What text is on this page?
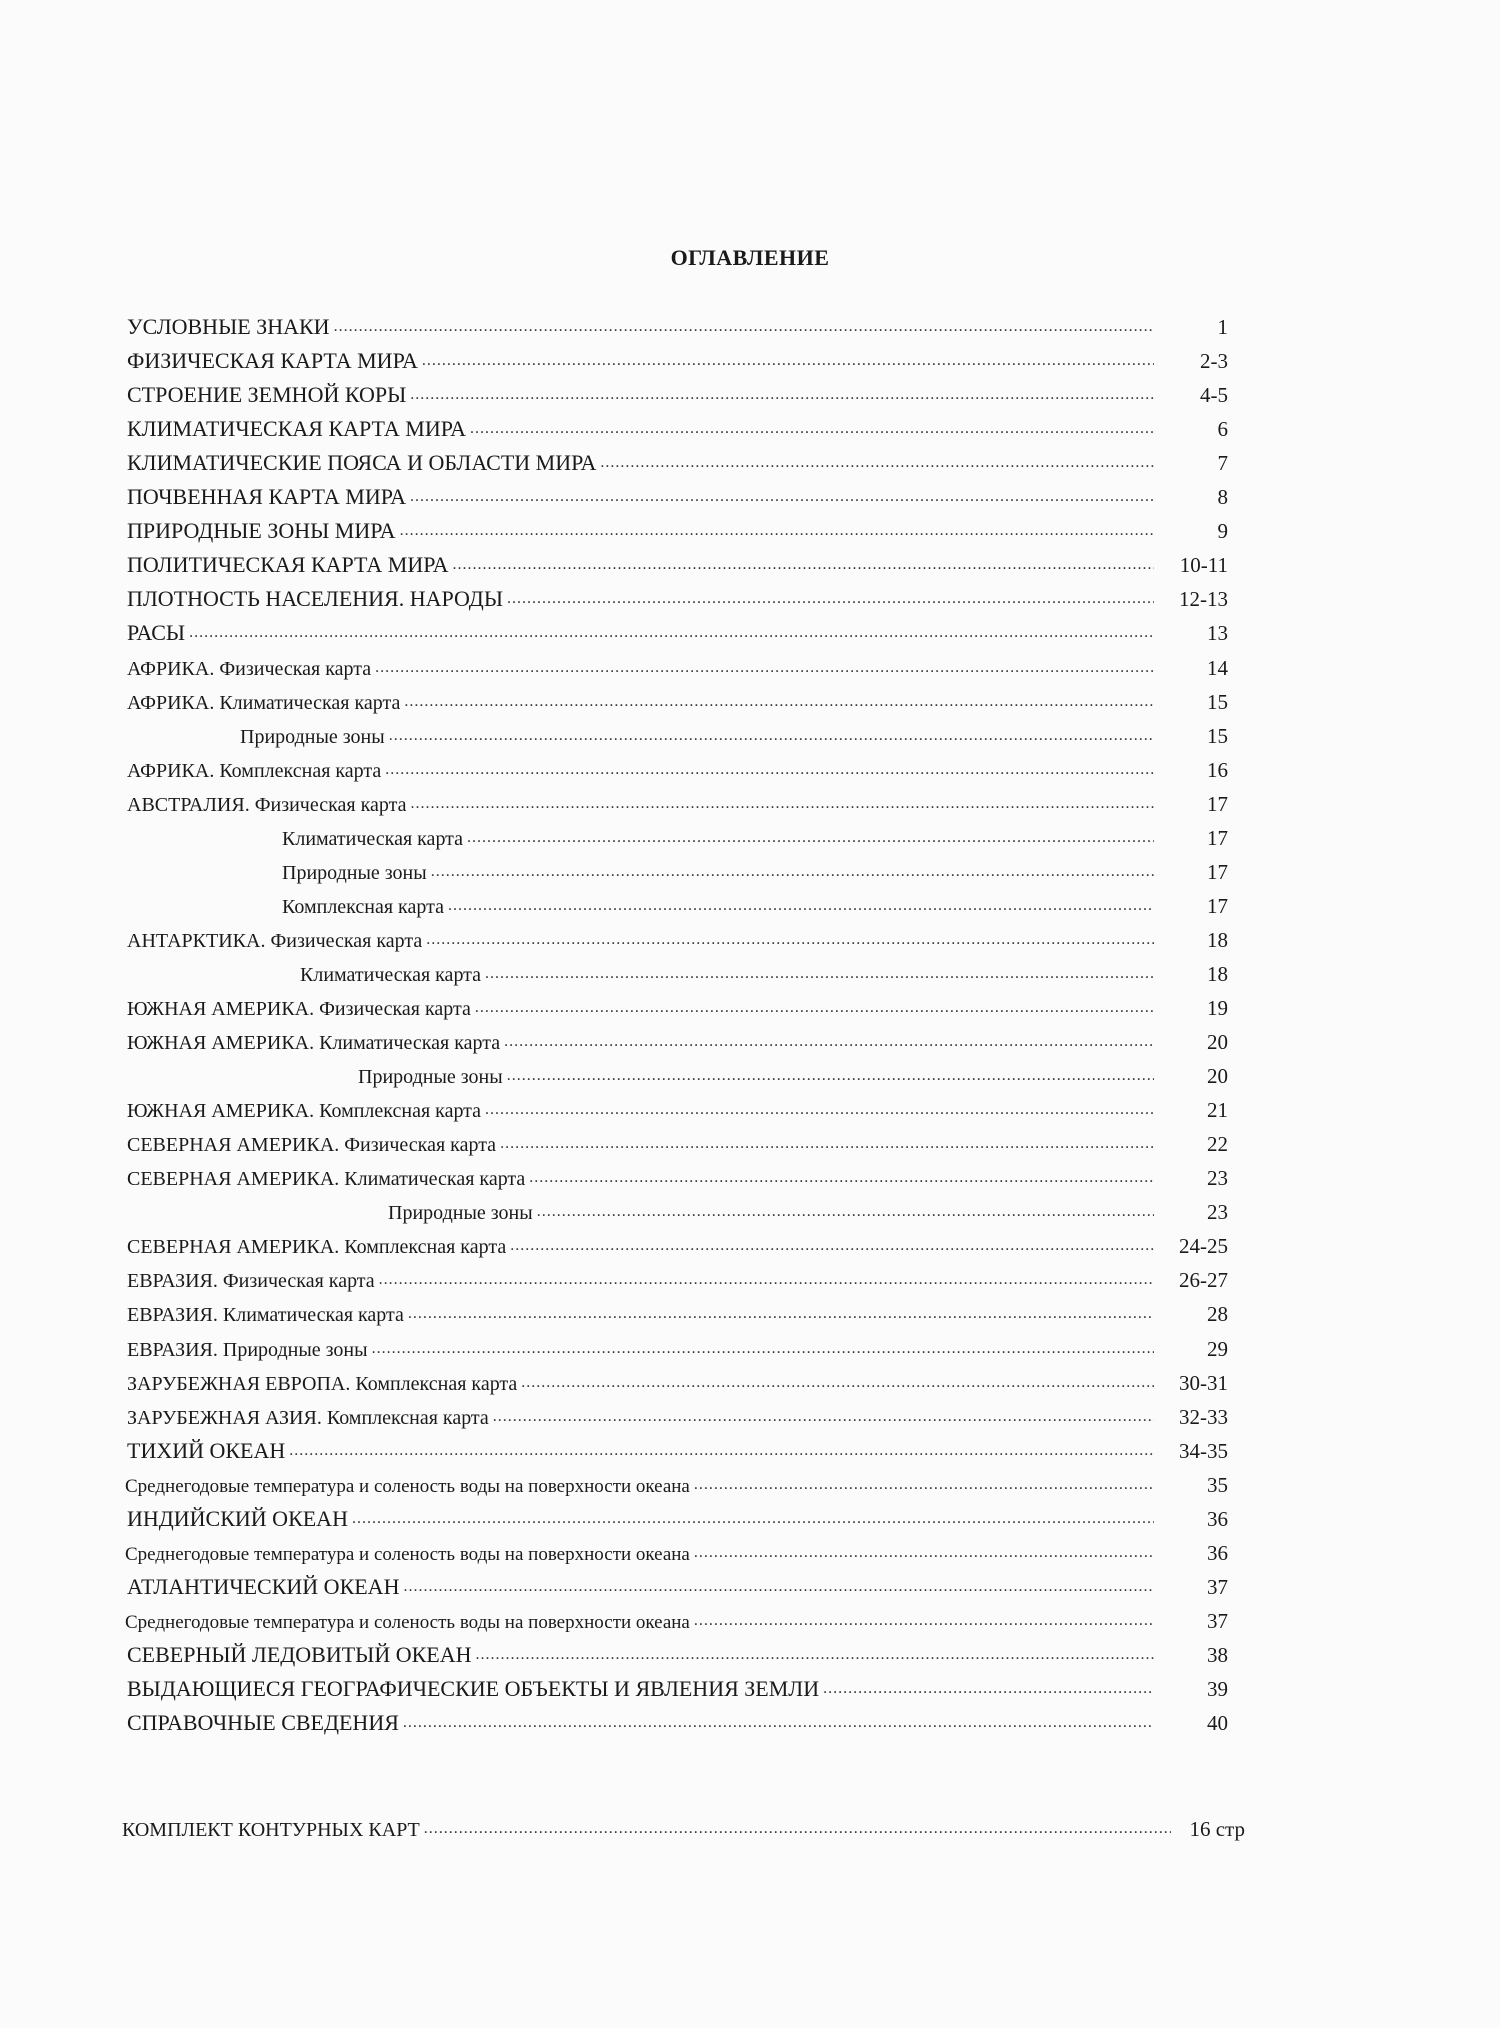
ОГЛАВЛЕНИЕ
УСЛОВНЫЕ ЗНАКИ .....	1
ФИЗИЧЕСКАЯ КАРТА МИРА .....	2-3
СТРОЕНИЕ ЗЕМНОЙ КОРЫ .....	4-5
КЛИМАТИЧЕСКАЯ КАРТА МИРА .....	6
КЛИМАТИЧЕСКИЕ ПОЯСА И ОБЛАСТИ МИРА .....	7
ПОЧВЕННАЯ КАРТА МИРА .....	8
ПРИРОДНЫЕ ЗОНЫ МИРА .....	9
ПОЛИТИЧЕСКАЯ КАРТА МИРА .....	10-11
ПЛОТНОСТЬ НАСЕЛЕНИЯ. НАРОДЫ .....	12-13
РАСЫ .....	13
АФРИКА. Физическая карта .....	14
АФРИКА. Климатическая карта .....	15
Природные зоны .....	15
АФРИКА. Комплексная карта .....	16
АВСТРАЛИЯ. Физическая карта .....	17
Климатическая карта .....	17
Природные зоны .....	17
Комплексная карта .....	17
АНТАРКТИКА. Физическая карта .....	18
Климатическая карта .....	18
ЮЖНАЯ АМЕРИКА. Физическая карта .....	19
ЮЖНАЯ АМЕРИКА. Климатическая карта .....	20
Природные зоны .....	20
ЮЖНАЯ АМЕРИКА. Комплексная карта .....	21
СЕВЕРНАЯ АМЕРИКА. Физическая карта .....	22
СЕВЕРНАЯ АМЕРИКА. Климатическая карта .....	23
Природные зоны .....	23
СЕВЕРНАЯ АМЕРИКА. Комплексная карта .....	24-25
ЕВРАЗИЯ. Физическая карта .....	26-27
ЕВРАЗИЯ. Климатическая карта .....	28
ЕВРАЗИЯ. Природные зоны .....	29
ЗАРУБЕЖНАЯ ЕВРОПА. Комплексная карта .....	30-31
ЗАРУБЕЖНАЯ АЗИЯ. Комплексная карта .....	32-33
ТИХИЙ ОКЕАН .....	34-35
Среднегодовые температура и соленость воды на поверхности океана .....	35
ИНДИЙСКИЙ ОКЕАН .....	36
Среднегодовые температура и соленость воды на поверхности океана .....	36
АТЛАНТИЧЕСКИЙ ОКЕАН .....	37
Среднегодовые температура и соленость воды на поверхности океана .....	37
СЕВЕРНЫЙ ЛЕДОВИТЫЙ ОКЕАН .....	38
ВЫДАЮЩИЕСЯ ГЕОГРАФИЧЕСКИЕ ОБЪЕКТЫ И ЯВЛЕНИЯ ЗЕМЛИ .....	39
СПРАВОЧНЫЕ СВЕДЕНИЯ .....	40
КОМПЛЕКТ КОНТУРНЫХ КАРТ .....	16 стр
